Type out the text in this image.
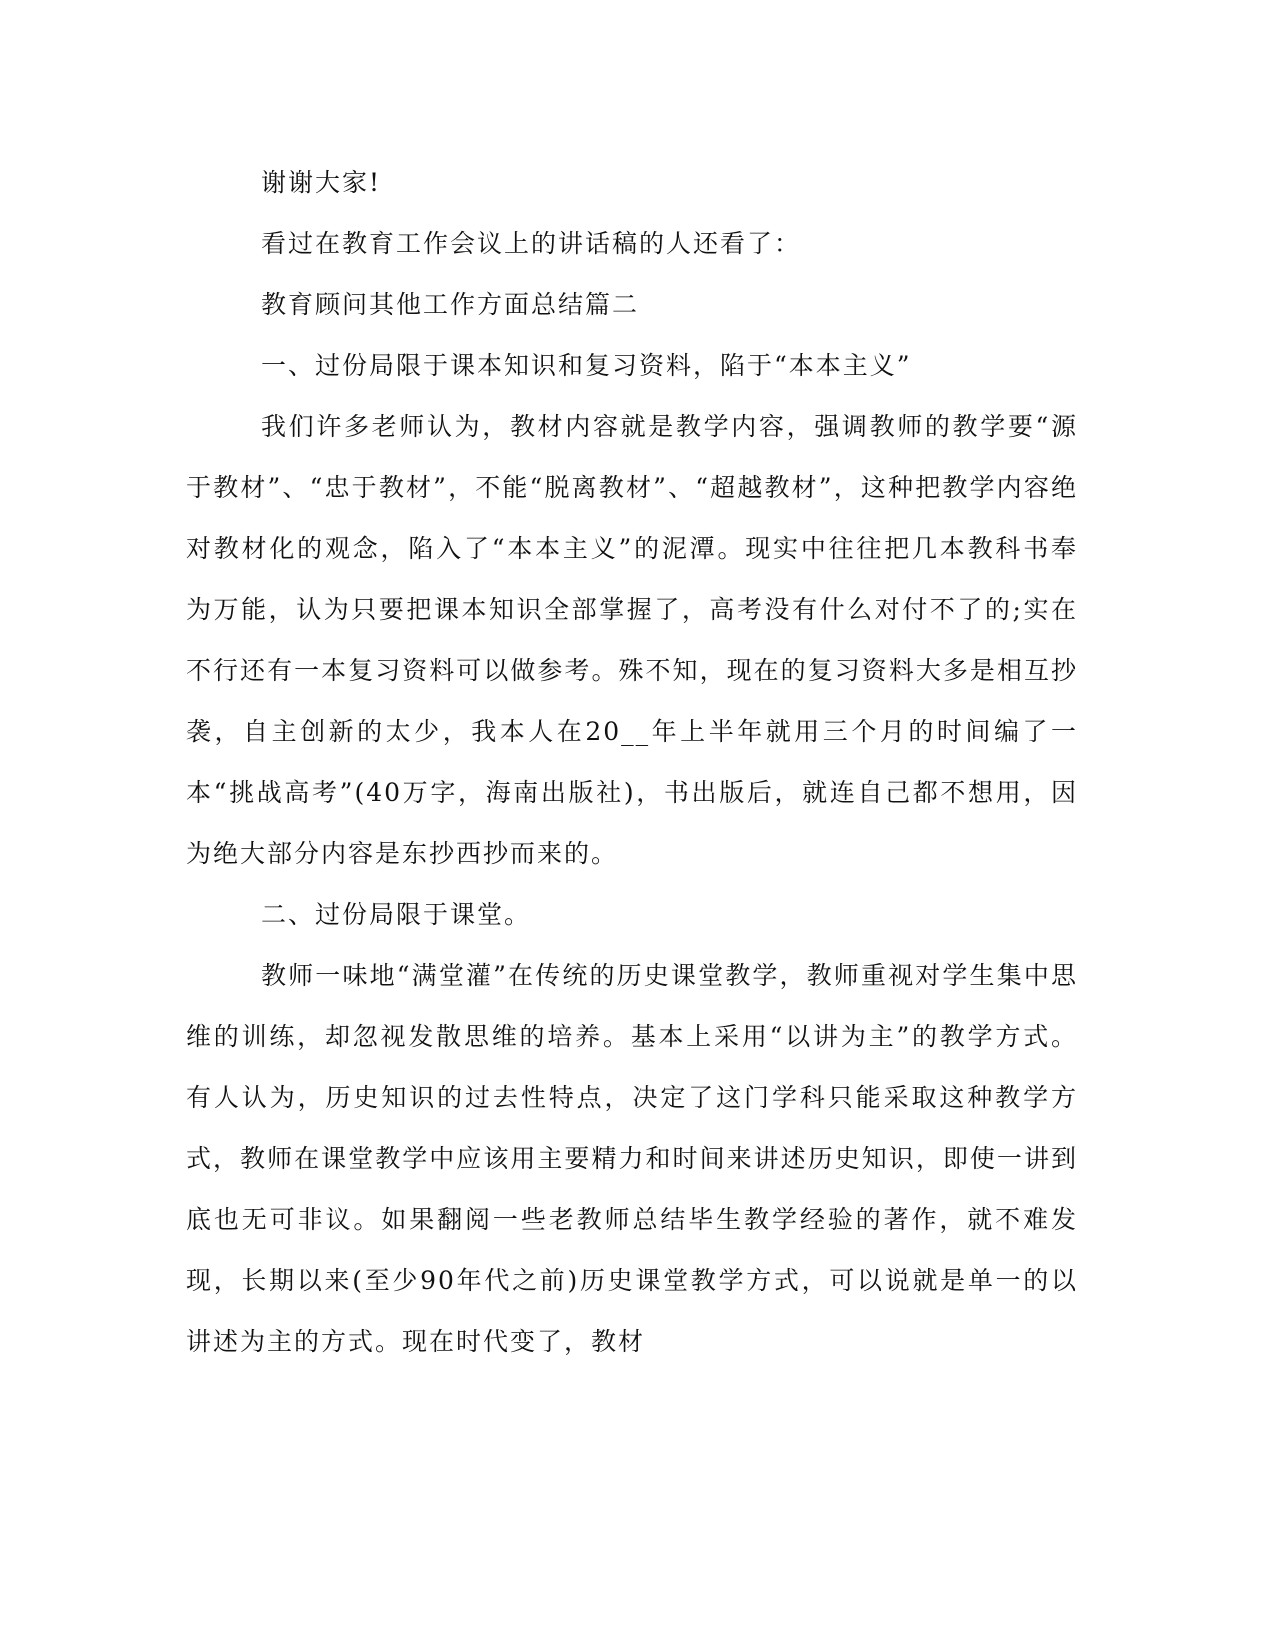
谢谢大家!

看过在教育工作会议上的讲话稿的人还看了：

教育顾问其他工作方面总结篇二

一、过份局限于课本知识和复习资料，陷于“本本主义”

我们许多老师认为，教材内容就是教学内容，强调教师的教学要“源于教材”、“忠于教材”，不能“脱离教材”、“超越教材”，这种把教学内容绝对教材化的观念，陷入了“本本主义”的泥潭。现实中往往把几本教科书奉为万能，认为只要把课本知识全部掌握了，高考没有什么对付不了的;实在不行还有一本复习资料可以做参考。殊不知，现在的复习资料大多是相互抄袭，自主创新的太少，我本人在20__年上半年就用三个月的时间编了一本“挑战高考”(40万字，海南出版社)，书出版后，就连自己都不想用，因为绝大部分内容是东抄西抄而来的。

二、过份局限于课堂。

教师一味地“满堂灌”在传统的历史课堂教学，教师重视对学生集中思维的训练，却忽视发散思维的培养。基本上采用“以讲为主”的教学方式。有人认为，历史知识的过去性特点，决定了这门学科只能采取这种教学方式，教师在课堂教学中应该用主要精力和时间来讲述历史知识，即使一讲到底也无可非议。如果翻阅一些老教师总结毕生教学经验的著作，就不难发现，长期以来(至少90年代之前)历史课堂教学方式，可以说就是单一的以讲述为主的方式。现在时代变了，教材
